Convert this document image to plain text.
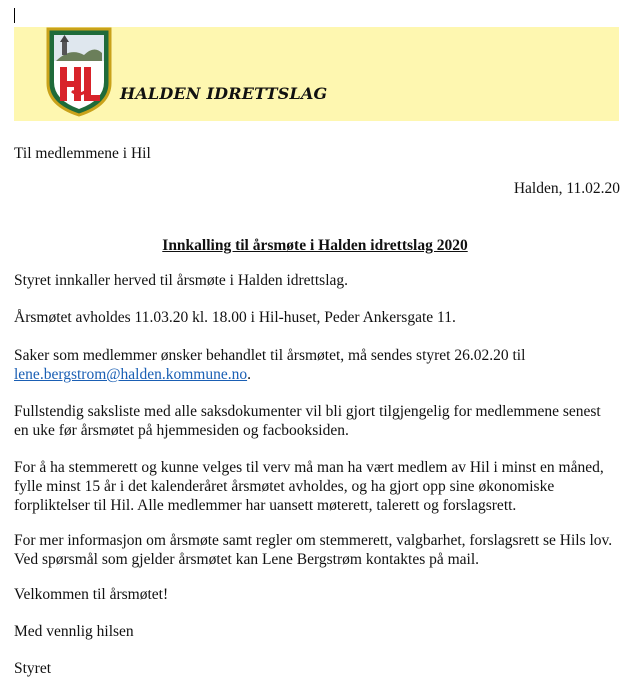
HALDEN IDRETTSLAG
Til medlemmene i Hil
Halden, 11.02.20
Innkalling til årsmøte i Halden idrettslag 2020
Styret innkaller herved til årsmøte i Halden idrettslag.
Årsmøtet avholdes 11.03.20 kl. 18.00 i Hil-huset, Peder Ankersgate 11.
Saker som medlemmer ønsker behandlet til årsmøtet, må sendes styret 26.02.20 til
lene.bergstrom@halden.kommune.no.
Fullstendig saksliste med alle saksdokumenter vil bli gjort tilgjengelig for medlemmene senest en uke før årsmøtet på hjemmesiden og facbooksiden.
For å ha stemmerett og kunne velges til verv må man ha vært medlem av Hil i minst en måned, fylle minst 15 år i det kalenderåret årsmøtet avholdes, og ha gjort opp sine økonomiske forpliktelser til Hil. Alle medlemmer har uansett møterett, talerett og forslagsrett.
For mer informasjon om årsmøte samt regler om stemmerett, valgbarhet, forslagsrett se Hils lov. Ved spørsmål som gjelder årsmøtet kan Lene Bergstrøm kontaktes på mail.
Velkommen til årsmøtet!
Med vennlig hilsen
Styret
